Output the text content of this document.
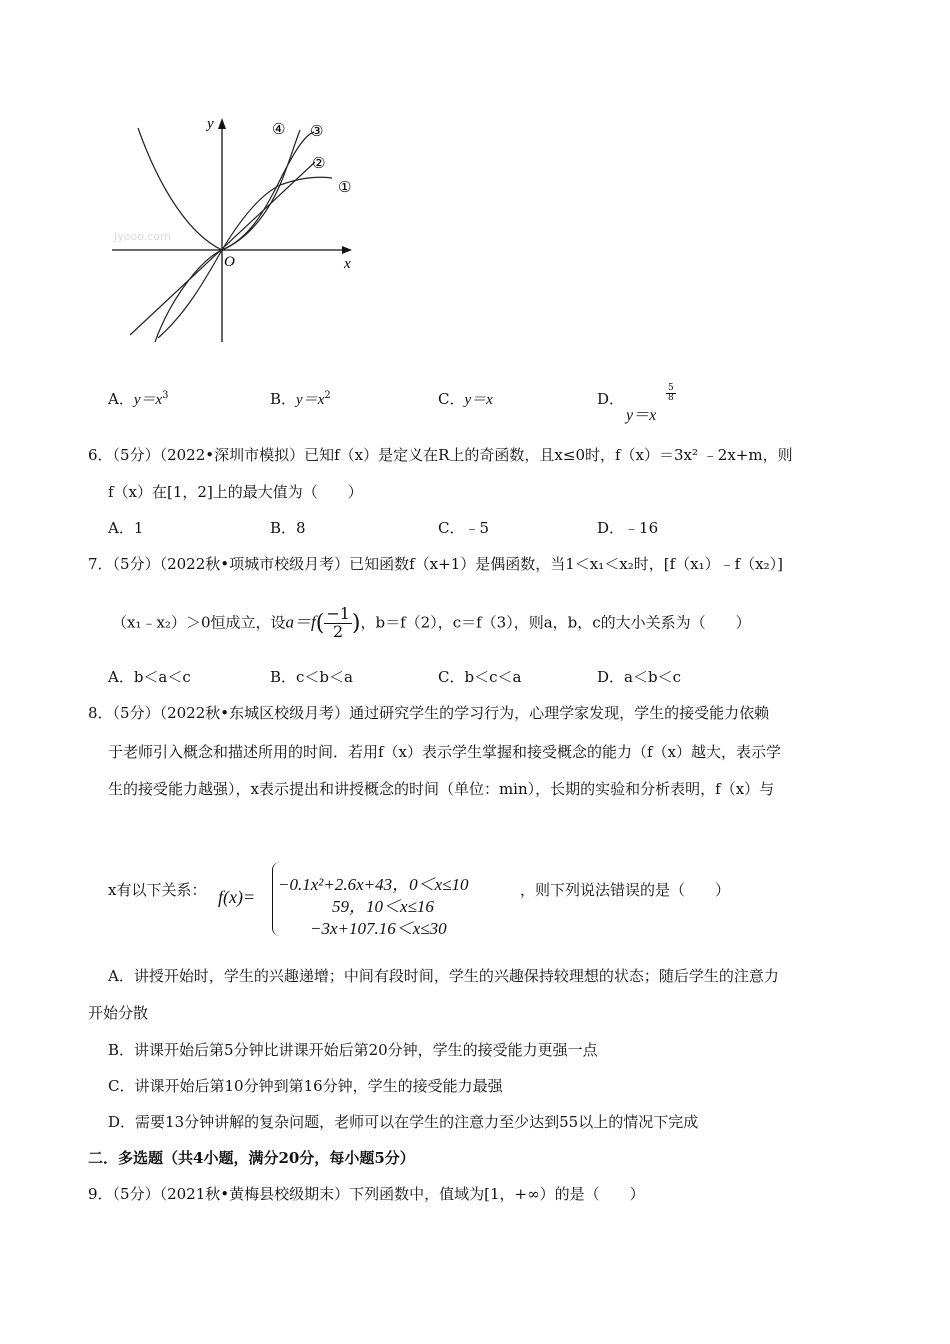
Jyeoo.com
y
x
O
④ ③
②
①
A．$y=x^3$	B．$y=x^2$	C．y＝x	D．
y＝x
$\frac{5}{8}$
6．（5分）（2022•深圳市模拟）已知f（x）是定义在R上的奇函数，且x≤0时，f（x）＝3x² ﹣2x+m，则
f（x）在[1，2]上的最大值为（　　）
A．1	B．8	C．﹣5	D．﹣16
7．（5分）（2022秋•项城市校级月考）已知函数f（x+1）是偶函数，当1＜x₁＜x₂时，[f（x₁）﹣f（x₂）]
（x₁﹣x₂）＞0恒成立，设$a=f( \frac{-1}{2}$ )，b＝f（2），c＝f（3），则a，b，c的大小关系为（　　）
A．b＜a＜c	B．c＜b＜a	C．b＜c＜a	D．a＜b＜c
8．（5分）（2022秋•东城区校级月考）通过研究学生的学习行为，心理学家发现，学生的接受能力依赖
于老师引入概念和描述所用的时间．若用f（x）表示学生掌握和接受概念的能力（f（x）越大，表示学
生的接受能力越强），x表示提出和讲授概念的时间（单位：min），长期的实验和分析表明，f（x）与
x有以下关系： f(x)=
−0.1x²+2.6x+43，0＜x≤10
59，10＜x≤16
−3x+107.16＜x≤30
，则下列说法错误的是（　　）
A．讲授开始时，学生的兴趣递增；中间有段时间，学生的兴趣保持较理想的状态；随后学生的注意力
开始分散
B．讲课开始后第5分钟比讲课开始后第20分钟，学生的接受能力更强一点
C．讲课开始后第10分钟到第16分钟，学生的接受能力最强
D．需要13分钟讲解的复杂问题，老师可以在学生的注意力至少达到55以上的情况下完成
二．多选题（共4小题，满分20分，每小题5分）
9．（5分）（2021秋•黄梅县校级期末）下列函数中，值域为[1，+∞）的是（　　）
